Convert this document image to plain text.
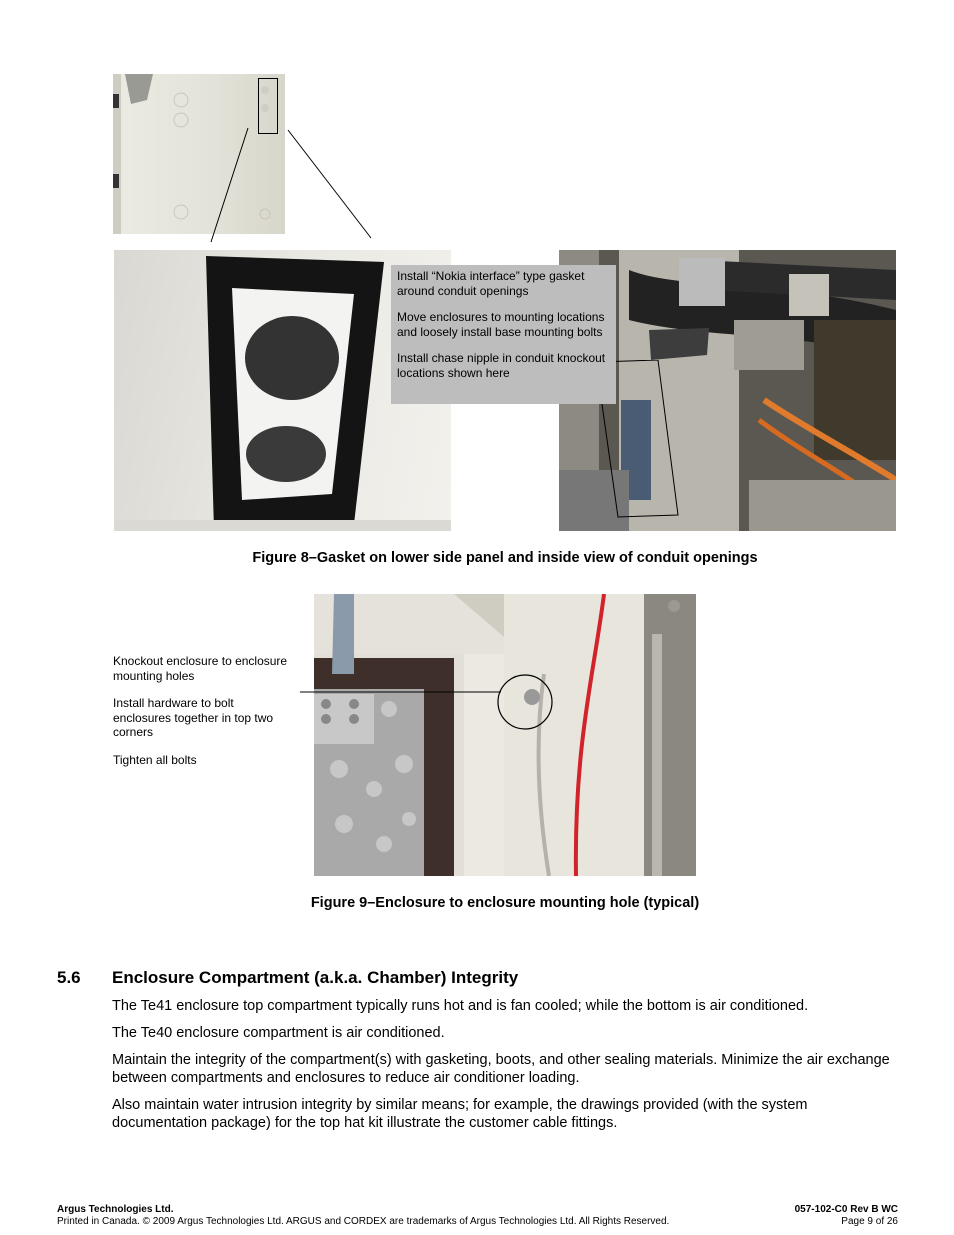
Install “Nokia interface” type gasket around conduit openings

Move enclosures to mounting locations and loosely install base mounting bolts

Install chase nipple in conduit knockout locations shown here

Figure 8–Gasket on lower side panel and inside view of conduit openings

Knockout enclosure to enclosure mounting holes

Install hardware to bolt enclosures together in top two corners

Tighten all bolts

Figure 9–Enclosure to enclosure mounting hole (typical)
5.6 Enclosure Compartment (a.k.a. Chamber) Integrity

The Te41 enclosure top compartment typically runs hot and is fan cooled; while the bottom is air conditioned.

The Te40 enclosure compartment is air conditioned.

Maintain the integrity of the compartment(s) with gasketing, boots, and other sealing materials. Minimize the air exchange between compartments and enclosures to reduce air conditioner loading.

Also maintain water intrusion integrity by similar means; for example, the drawings provided (with the system documentation package) for the top hat kit illustrate the customer cable fittings.

Argus Technologies Ltd.
Printed in Canada. © 2009 Argus Technologies Ltd. ARGUS and CORDEX are trademarks of Argus Technologies Ltd. All Rights Reserved.
057-102-C0 Rev B WC
Page 9 of 26
